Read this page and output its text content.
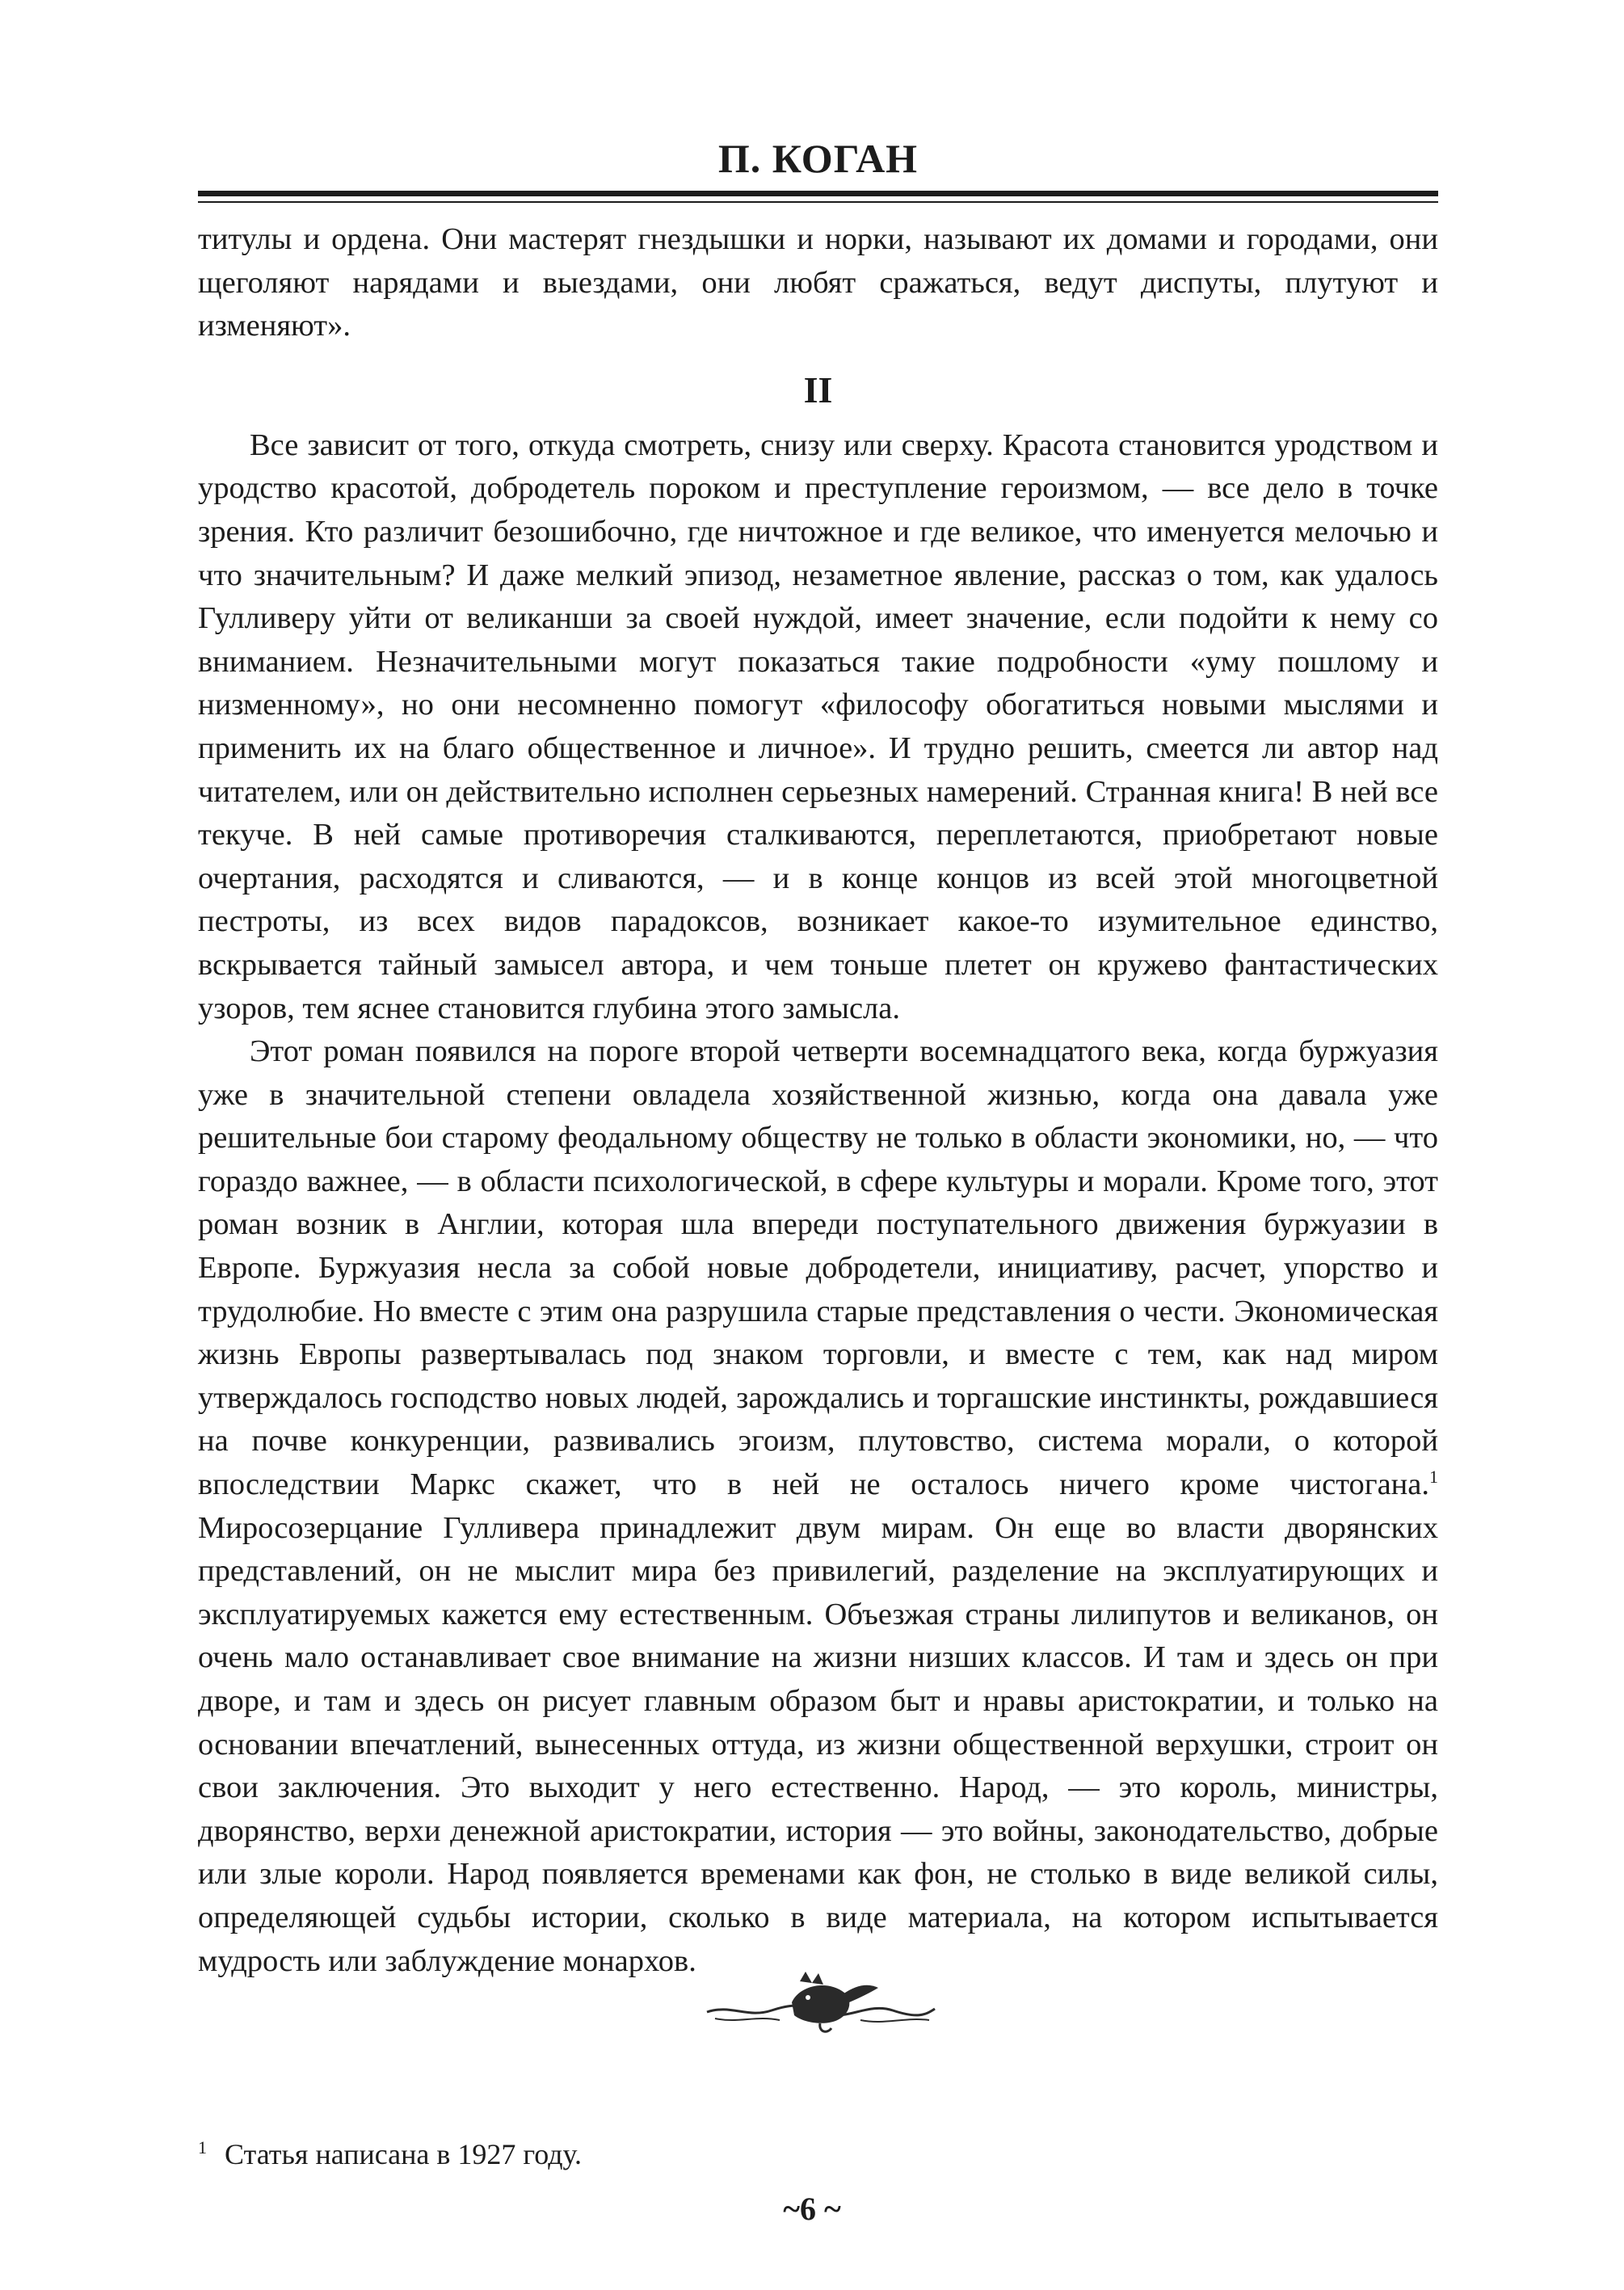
П. КОГАН

титулы и ордена. Они мастерят гнездышки и норки, называют их домами и городами, они щеголяют нарядами и выездами, они любят сражаться, ведут диспуты, плутуют и изменяют».

II

Все зависит от того, откуда смотреть, снизу или сверху. Красота становится уродством и уродство красотой, добродетель пороком и преступление героизмом, — все дело в точке зрения. Кто различит безошибочно, где ничтожное и где великое, что именуется мелочью и что значительным? И даже мелкий эпизод, незаметное явление, рассказ о том, как удалось Гулливеру уйти от великанши за своей нуждой, имеет значение, если подойти к нему со вниманием. Незначительными могут показаться такие подробности «уму пошлому и низменному», но они несомненно помогут «философу обогатиться новыми мыслями и применить их на благо общественное и личное». И трудно решить, смеется ли автор над читателем, или он действительно исполнен серьезных намерений. Странная книга! В ней все текуче. В ней самые противоречия сталкиваются, переплетаются, приобретают новые очертания, расходятся и сливаются, — и в конце концов из всей этой многоцветной пестроты, из всех видов парадоксов, возникает какое-то изумительное единство, вскрывается тайный замысел автора, и чем тоньше плетет он кружево фантастических узоров, тем яснее становится глубина этого замысла.

Этот роман появился на пороге второй четверти восемнадцатого века, когда буржуазия уже в значительной степени овладела хозяйственной жизнью, когда она давала уже решительные бои старому феодальному обществу не только в области экономики, но, — что гораздо важнее, — в области психологической, в сфере культуры и морали. Кроме того, этот роман возник в Англии, которая шла впереди поступательного движения буржуазии в Европе. Буржуазия несла за собой новые добродетели, инициативу, расчет, упорство и трудолюбие. Но вместе с этим она разрушила старые представления о чести. Экономическая жизнь Европы развертывалась под знаком торговли, и вместе с тем, как над миром утверждалось господство новых людей, зарождались и торгашские инстинкты, рождавшиеся на почве конкуренции, развивались эгоизм, плутовство, система морали, о которой впоследствии Маркс скажет, что в ней не осталось ничего кроме чистогана.$^1$ Миросозерцание Гулливера принадлежит двум мирам. Он еще во власти дворянских представлений, он не мыслит мира без привилегий, разделение на эксплуатирующих и эксплуатируемых кажется ему естественным. Объезжая страны лилипутов и великанов, он очень мало останавливает свое внимание на жизни низших классов. И там и здесь он при дворе, и там и здесь он рисует главным образом быт и нравы аристократии, и только на основании впечатлений, вынесенных оттуда, из жизни общественной верхушки, строит он свои заключения. Это выходит у него естественно. Народ, — это король, министры, дворянство, верхи денежной аристократии, история — это войны, законодательство, добрые или злые короли. Народ появляется временами как фон, не столько в виде великой силы, определяющей судьбы истории, сколько в виде материала, на котором испытывается мудрость или заблуждение монархов.

$^1$ Статья написана в 1927 году.
~6 ~
